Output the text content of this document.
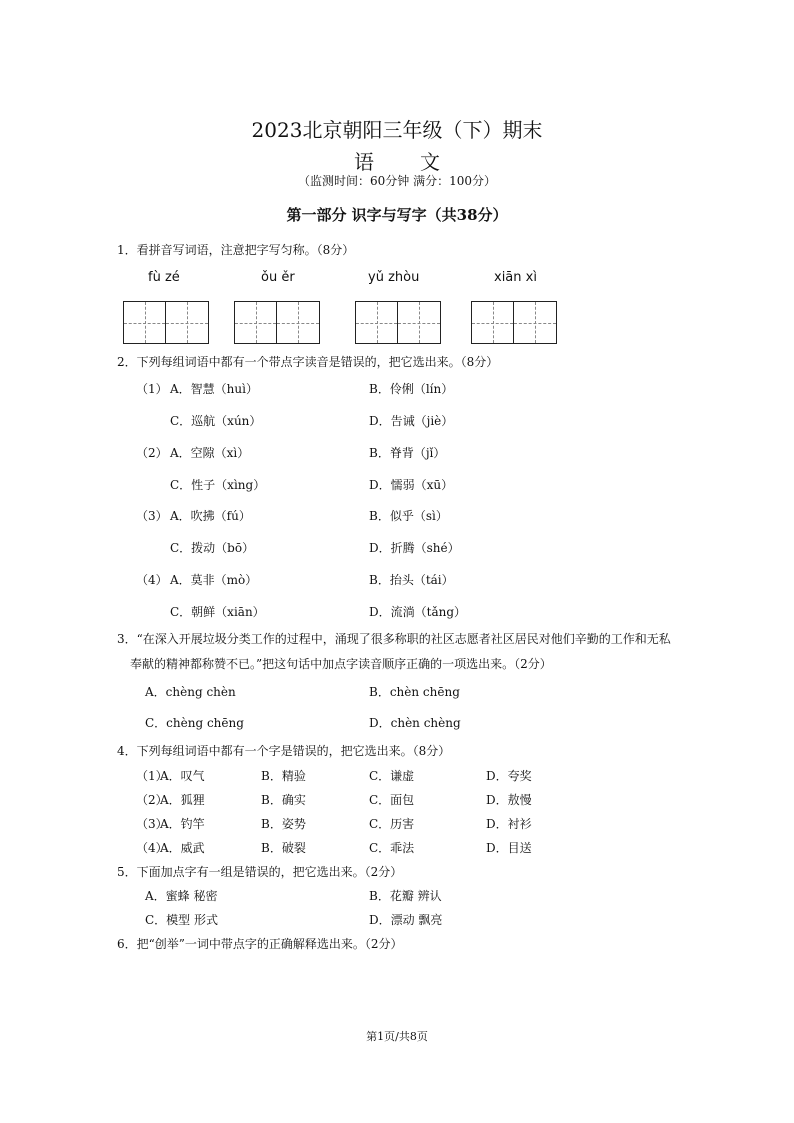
2023北京朝阳三年级（下）期末
语 文
（监测时间：60分钟 满分：100分）
第一部分 识字与写字（共38分）
1．看拼音写词语，注意把字写匀称。（8分）
fù zé	ǒu ěr	yǔ zhòu	xiān xì
2．下列每组词语中都有一个带点字读音是错误的，把它选出来。（8分）
（1） A．智慧（huì）	B．伶俐（lín）
C．巡航（xún）	D．告诫（jiè）
（2） A．空隙（xì）	B．脊背（jǐ）
C．性子（xìng）	D．懦弱（xū）
（3） A．吹拂（fú）	B．似乎（sì）
C．拨动（bō）	D．折腾（shé）
（4） A．莫非（mò）	B．抬头（tái）
C．朝鲜（xiān）	D．流淌（tǎng）
3．“在深入开展垃圾分类工作的过程中，涌现了很多称职的社区志愿者社区居民对他们辛勤的工作和无私
奉献的精神都称赞不已。”把这句话中加点字读音顺序正确的一项选出来。（2分）
A．chèng chèn	B．chèn chēng
C．chèng chēng	D．chèn chèng
4．下列每组词语中都有一个字是错误的，把它选出来。（8分）
（1）
A．叹气	B．精验	C．谦虚	D．夸奖
（2）
A．狐狸	B．确实	C．面包	D．敖慢
（3）
A．钓竿	B．姿势	C．历害	D．衬衫
（4）
A．威武	B．破裂	C．乖法	D．目送
5．下面加点字有一组是错误的，把它选出来。（2分）
A．蜜蜂 秘密	B．花瓣 辨认
C．模型 形式	D．漂动 飘亮
6．把“创举”一词中带点字的正确解释选出来。（2分）
第1页/共8页
